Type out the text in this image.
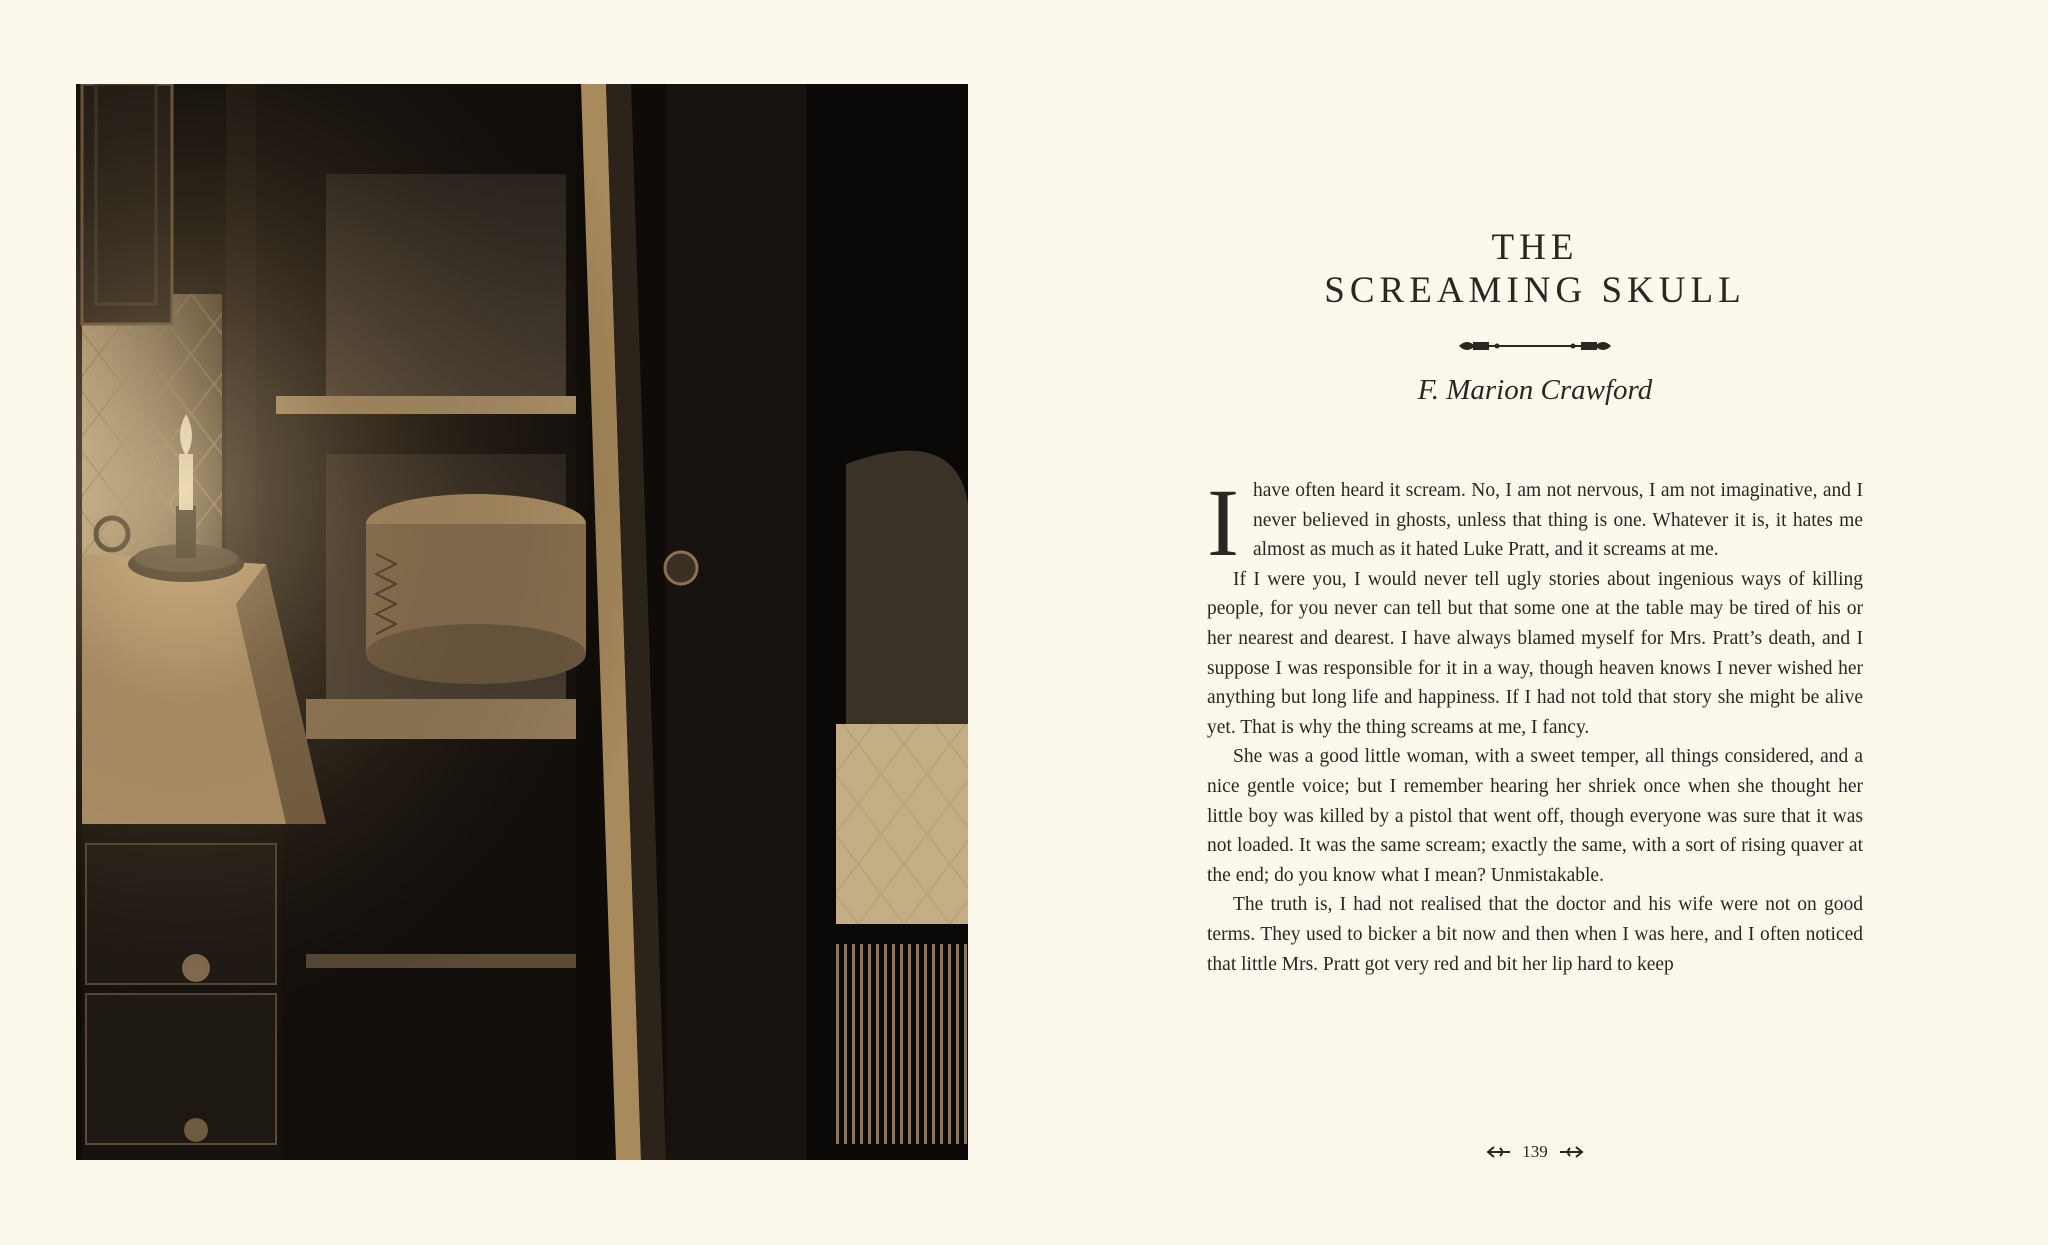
THE
SCREAMING SKULL
F. Marion Crawford

Ihave often heard it scream. No, I am not nervous, I am not imaginative, and I never believed in ghosts, unless that thing is one. Whatever it is, it hates me almost as much as it hated Luke Pratt, and it screams at me.

If I were you, I would never tell ugly stories about ingenious ways of killing people, for you never can tell but that some one at the table may be tired of his or her nearest and dearest. I have always blamed myself for Mrs. Pratt’s death, and I suppose I was responsible for it in a way, though heaven knows I never wished her anything but long life and happiness. If I had not told that story she might be alive yet. That is why the thing screams at me, I fancy.

She was a good little woman, with a sweet temper, all things considered, and a nice gentle voice; but I remember hearing her shriek once when she thought her little boy was killed by a pistol that went off, though everyone was sure that it was not loaded. It was the same scream; exactly the same, with a sort of rising quaver at the end; do you know what I mean? Unmistakable.

The truth is, I had not realised that the doctor and his wife were not on good terms. They used to bicker a bit now and then when I was here, and I often noticed that little Mrs. Pratt got very red and bit her lip hard to keep

139
